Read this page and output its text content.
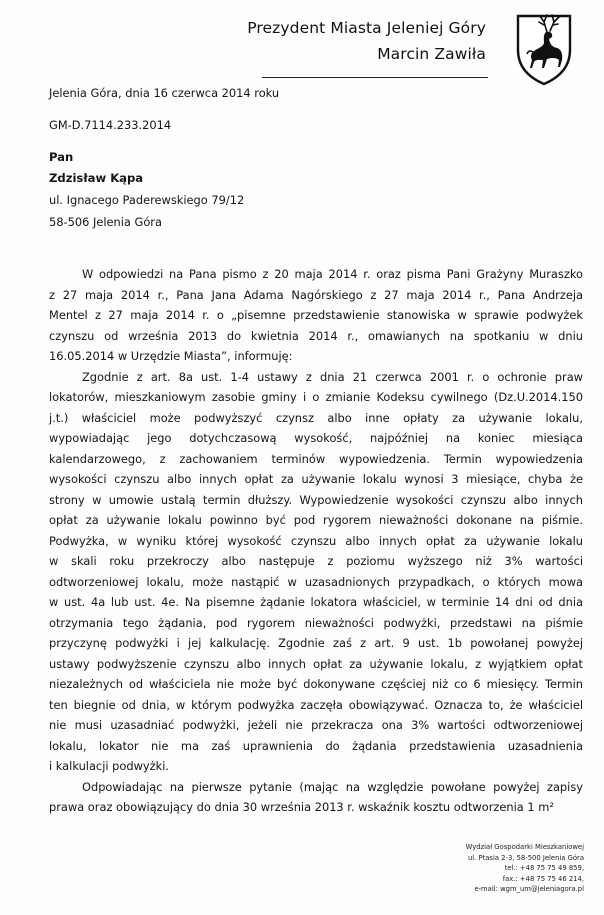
Prezydent Miasta Jeleniej Góry
Marcin Zawiła
Jelenia Góra, dnia 16 czerwca 2014 roku
GM-D.7114.233.2014
Pan
Zdzisław Kąpa
ul. Ignacego Paderewskiego 79/12
58-506 Jelenia Góra
W odpowiedzi na Pana pismo z 20 maja 2014 r. oraz pisma Pani Grażyny Muraszko
z 27 maja 2014 r., Pana Jana Adama Nagórskiego z 27 maja 2014 r., Pana Andrzeja
Mentel z 27 maja 2014 r. o „pisemne przedstawienie stanowiska w sprawie podwyżek
czynszu od września 2013 do kwietnia 2014 r., omawianych na spotkaniu w dniu
16.05.2014 w Urzędzie Miasta”, informuję:
Zgodnie z art. 8a ust. 1-4 ustawy z dnia 21 czerwca 2001 r. o ochronie praw
lokatorów, mieszkaniowym zasobie gminy i o zmianie Kodeksu cywilnego (Dz.U.2014.150
j.t.) właściciel może podwyższyć czynsz albo inne opłaty za używanie lokalu,
wypowiadając jego dotychczasową wysokość, najpóźniej na koniec miesiąca
kalendarzowego, z zachowaniem terminów wypowiedzenia. Termin wypowiedzenia
wysokości czynszu albo innych opłat za używanie lokalu wynosi 3 miesiące, chyba że
strony w umowie ustalą termin dłuższy. Wypowiedzenie wysokości czynszu albo innych
opłat za używanie lokalu powinno być pod rygorem nieważności dokonane na piśmie.
Podwyżka, w wyniku której wysokość czynszu albo innych opłat za używanie lokalu
w skali roku przekroczy albo następuje z poziomu wyższego niż 3% wartości
odtworzeniowej lokalu, może nastąpić w uzasadnionych przypadkach, o których mowa
w ust. 4a lub ust. 4e. Na pisemne żądanie lokatora właściciel, w terminie 14 dni od dnia
otrzymania tego żądania, pod rygorem nieważności podwyżki, przedstawi na piśmie
przyczynę podwyżki i jej kalkulację. Zgodnie zaś z art. 9 ust. 1b powołanej powyżej
ustawy podwyższenie czynszu albo innych opłat za używanie lokalu, z wyjątkiem opłat
niezależnych od właściciela nie może być dokonywane częściej niż co 6 miesięcy. Termin
ten biegnie od dnia, w którym podwyżka zaczęła obowiązywać. Oznacza to, że właściciel
nie musi uzasadniać podwyżki, jeżeli nie przekracza ona 3% wartości odtworzeniowej
lokalu, lokator nie ma zaś uprawnienia do żądania przedstawienia uzasadnienia
i kalkulacji podwyżki.
Odpowiadając na pierwsze pytanie (mając na względzie powołane powyżej zapisy
prawa oraz obowiązujący do dnia 30 września 2013 r. wskaźnik kosztu odtworzenia 1 m²
Wydział Gospodarki Mieszkaniowej
ul. Ptasia 2-3, 58-500 Jelenia Góra
tel.: +48 75 75 49 859,
fax.: +48 75 75 46 214,
e-mail: wgm_um@jeleniagora.pl
